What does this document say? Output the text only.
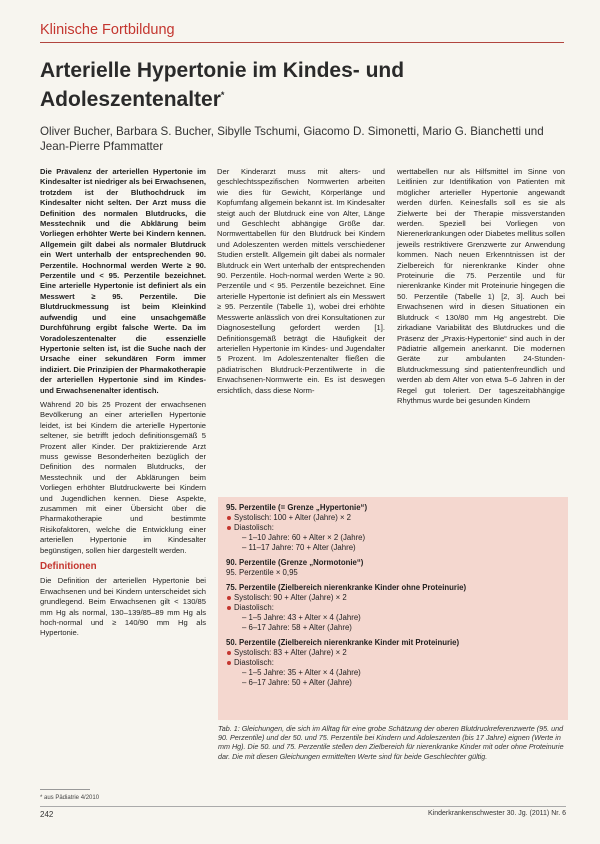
Klinische Fortbildung
Arterielle Hypertonie im Kindes- und Adoleszentenalter*
Oliver Bucher, Barbara S. Bucher, Sibylle Tschumi, Giacomo D. Simonetti, Mario G. Bianchetti und Jean-Pierre Pfammatter

Die Prävalenz der arteriellen Hypertonie im Kindesalter ist niedriger als bei Erwachsenen, trotzdem ist der Bluthochdruck im Kindesalter nicht selten. Der Arzt muss die Definition des normalen Blutdrucks, die Messtechnik und die Abklärung beim Vorliegen erhöhter Werte bei Kindern kennen. Allgemein gilt dabei als normaler Blutdruck ein Wert unterhalb der entsprechenden 90. Perzentile. Hochnormal werden Werte ≥ 90. Perzentile und < 95. Perzentile bezeichnet. Eine arterielle Hypertonie ist definiert als ein Messwert ≥ 95. Perzentile. Die Blutdruckmessung ist beim Kleinkind aufwendig und eine unsachgemäße Durchführung ergibt falsche Werte. Da im Voradoleszentenalter die essenzielle Hypertonie selten ist, ist die Suche nach der Ursache einer sekundären Form immer indiziert. Die Prinzipien der Pharmakotherapie der arteriellen Hypertonie sind im Kindes- und Erwachsenenalter identisch.

Während 20 bis 25 Prozent der erwachsenen Bevölkerung an einer arteriellen Hypertonie leidet, ist bei Kindern die arterielle Hypertonie seltener, sie betrifft jedoch definitionsgemäß 5 Prozent aller Kinder. Der praktizierende Arzt muss gewisse Besonderheiten bezüglich der Definition des normalen Blutdrucks, der Messtechnik und der Abklärungen beim Vorliegen erhöhter Blutdruckwerte bei Kindern und Jugendlichen kennen. Diese Aspekte, zusammen mit einer Übersicht über die Pharmakotherapie und bestimmte Risikofaktoren, welche die Entwicklung einer arteriellen Hypertonie im Kindesalter begünstigen, sollen hier dargestellt werden.

Definitionen

Die Definition der arteriellen Hypertonie bei Erwachsenen und bei Kindern unterscheidet sich grundlegend. Beim Erwachsenen gilt < 130/85 mm Hg als normal, 130–139/85–89 mm Hg als hoch-normal und ≥ 140/90 mm Hg als Hypertonie.

Der Kinderarzt muss mit alters- und geschlechtsspezifischen Normwerten arbeiten wie dies für Gewicht, Körperlänge und Kopfumfang allgemein bekannt ist. Im Kindesalter steigt auch der Blutdruck eine von Alter, Länge und Geschlecht abhängige Größe dar. Normwerttabellen für den Blutdruck bei Kindern und Adoleszenten werden mittels verschiedener Studien erstellt. Allgemein gilt dabei als normaler Blutdruck ein Wert unterhalb der entsprechenden 90. Perzentile. Hoch-normal werden Werte ≥ 90. Perzentile und < 95. Perzentile bezeichnet. Eine arterielle Hypertonie ist definiert als ein Messwert ≥ 95. Perzentile (Tabelle 1), wobei drei erhöhte Messwerte anlässlich von drei Konsultationen zur Diagnosestellung gefordert werden [1]. Definitionsgemäß beträgt die Häufigkeit der arteriellen Hypertonie im Kindes- und Jugendalter 5 Prozent. Im Adoleszentenalter fließen die pädiatrischen Blutdruck-Perzentilwerte in die Erwachsenen-Normwerte ein. Es ist deswegen ersichtlich, dass diese Norm-

werttabellen nur als Hilfsmittel im Sinne von Leitlinien zur Identifikation von Patienten mit möglicher arterieller Hypertonie angewandt werden dürfen. Keinesfalls soll es sie als Zielwerte bei der Therapie missverstanden werden. Speziell bei Vorliegen von Nierenerkrankungen oder Diabetes mellitus sollen jeweils restriktivere Grenzwerte zur Anwendung kommen. Nach neuen Erkenntnissen ist der Zielbereich für nierenkranke Kinder ohne Proteinurie die 75. Perzentile und für nierenkranke Kinder mit Proteinurie hingegen die 50. Perzentile (Tabelle 1) [2, 3]. Auch bei Erwachsenen wird in diesen Situationen ein Blutdruck < 130/80 mm Hg angestrebt. Die zirkadiane Variabilität des Blutdruckes und die Präsenz der „Praxis-Hypertonie“ sind auch in der Pädiatrie allgemein anerkannt. Die modernen Geräte zur ambulanten 24-Stunden-Blutdruckmessung sind patientenfreundlich und werden ab dem Alter von etwa 5–6 Jahren in der Regel gut toleriert. Der tageszeitabhängige Rhythmus wurde bei gesunden Kindern

95. Perzentile (= Grenze „Hypertonie“)
Systolisch: 100 + Alter (Jahre) × 2
Diastolisch:
– 1–10 Jahre: 60 + Alter × 2 (Jahre)
– 11–17 Jahre: 70 + Alter (Jahre)
90. Perzentile (Grenze „Normotonie“)
95. Perzentile × 0,95
75. Perzentile (Zielbereich nierenkranke Kinder ohne Proteinurie)
Systolisch: 90 + Alter (Jahre) × 2
Diastolisch:
– 1–5 Jahre: 43 + Alter × 4 (Jahre)
– 6–17 Jahre: 58 + Alter (Jahre)
50. Perzentile (Zielbereich nierenkranke Kinder mit Proteinurie)
Systolisch: 83 + Alter (Jahre) × 2
Diastolisch:
– 1–5 Jahre: 35 + Alter × 4 (Jahre)
– 6–17 Jahre: 50 + Alter (Jahre)
Tab. 1: Gleichungen, die sich im Alltag für eine grobe Schätzung der oberen Blutdruckreferenzwerte (95. und 90. Perzentile) und der 50. und 75. Perzentile bei Kindern und Adoleszenten (bis 17 Jahre) eignen (Werte in mm Hg). Die 50. und 75. Perzentile stellen den Zielbereich für nierenkranke Kinder mit oder ohne Proteinurie dar. Die mit diesen Gleichungen ermittelten Werte sind für beide Geschlechter gültig.
* aus Pädiatrie 4/2010
242	Kinderkrankenschwester 30. Jg. (2011) Nr. 6
